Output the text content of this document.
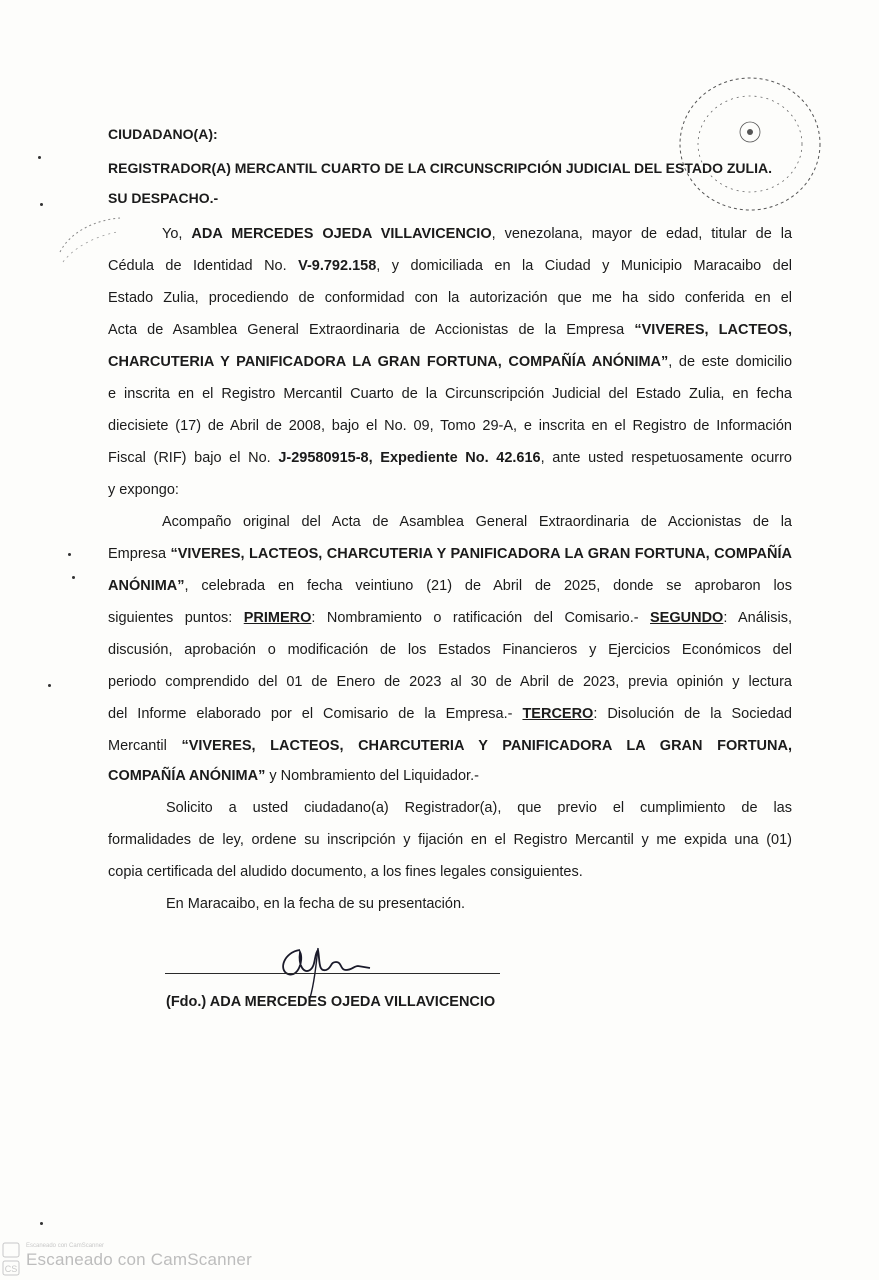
CIUDADANO(A):
REGISTRADOR(A) MERCANTIL CUARTO DE LA CIRCUNSCRIPCIÓN JUDICIAL DEL ESTADO ZULIA.
SU DESPACHO.-
Yo, ADA MERCEDES OJEDA VILLAVICENCIO, venezolana, mayor de edad, titular de la
Cédula de Identidad No. V-9.792.158, y domiciliada en la Ciudad y Municipio Maracaibo del
Estado Zulia, procediendo de conformidad con la autorización que me ha sido conferida en el
Acta de Asamblea General Extraordinaria de Accionistas de la Empresa “VIVERES, LACTEOS,
CHARCUTERIA Y PANIFICADORA LA GRAN FORTUNA, COMPAÑÍA ANÓNIMA”, de este domicilio
e inscrita en el Registro Mercantil Cuarto de la Circunscripción Judicial del Estado Zulia, en fecha
diecisiete (17) de Abril de 2008, bajo el No. 09, Tomo 29-A, e inscrita en el Registro de Información
Fiscal (RIF) bajo el No. J-29580915-8, Expediente No. 42.616, ante usted respetuosamente ocurro
y expongo:
Acompaño original del Acta de Asamblea General Extraordinaria de Accionistas de la
Empresa “VIVERES, LACTEOS, CHARCUTERIA Y PANIFICADORA LA GRAN FORTUNA, COMPAÑÍA
ANÓNIMA”, celebrada en fecha veintiuno (21) de Abril de 2025, donde se aprobaron los
siguientes puntos: PRIMERO: Nombramiento o ratificación del Comisario.- SEGUNDO: Análisis,
discusión, aprobación o modificación de los Estados Financieros y Ejercicios Económicos del
periodo comprendido del 01 de Enero de 2023 al 30 de Abril de 2023, previa opinión y lectura
del Informe elaborado por el Comisario de la Empresa.- TERCERO: Disolución de la Sociedad
Mercantil “VIVERES, LACTEOS, CHARCUTERIA Y PANIFICADORA LA GRAN FORTUNA,
COMPAÑÍA ANÓNIMA” y Nombramiento del Liquidador.-
Solicito a usted ciudadano(a) Registrador(a), que previo el cumplimiento de las
formalidades de ley, ordene su inscripción y fijación en el Registro Mercantil y me expida una (01)
copia certificada del aludido documento, a los fines legales consiguientes.
En Maracaibo, en la fecha de su presentación.
(Fdo.) ADA MERCEDES OJEDA VILLAVICENCIO
CS
Escaneado con CamScanner
Escaneado con CamScanner
